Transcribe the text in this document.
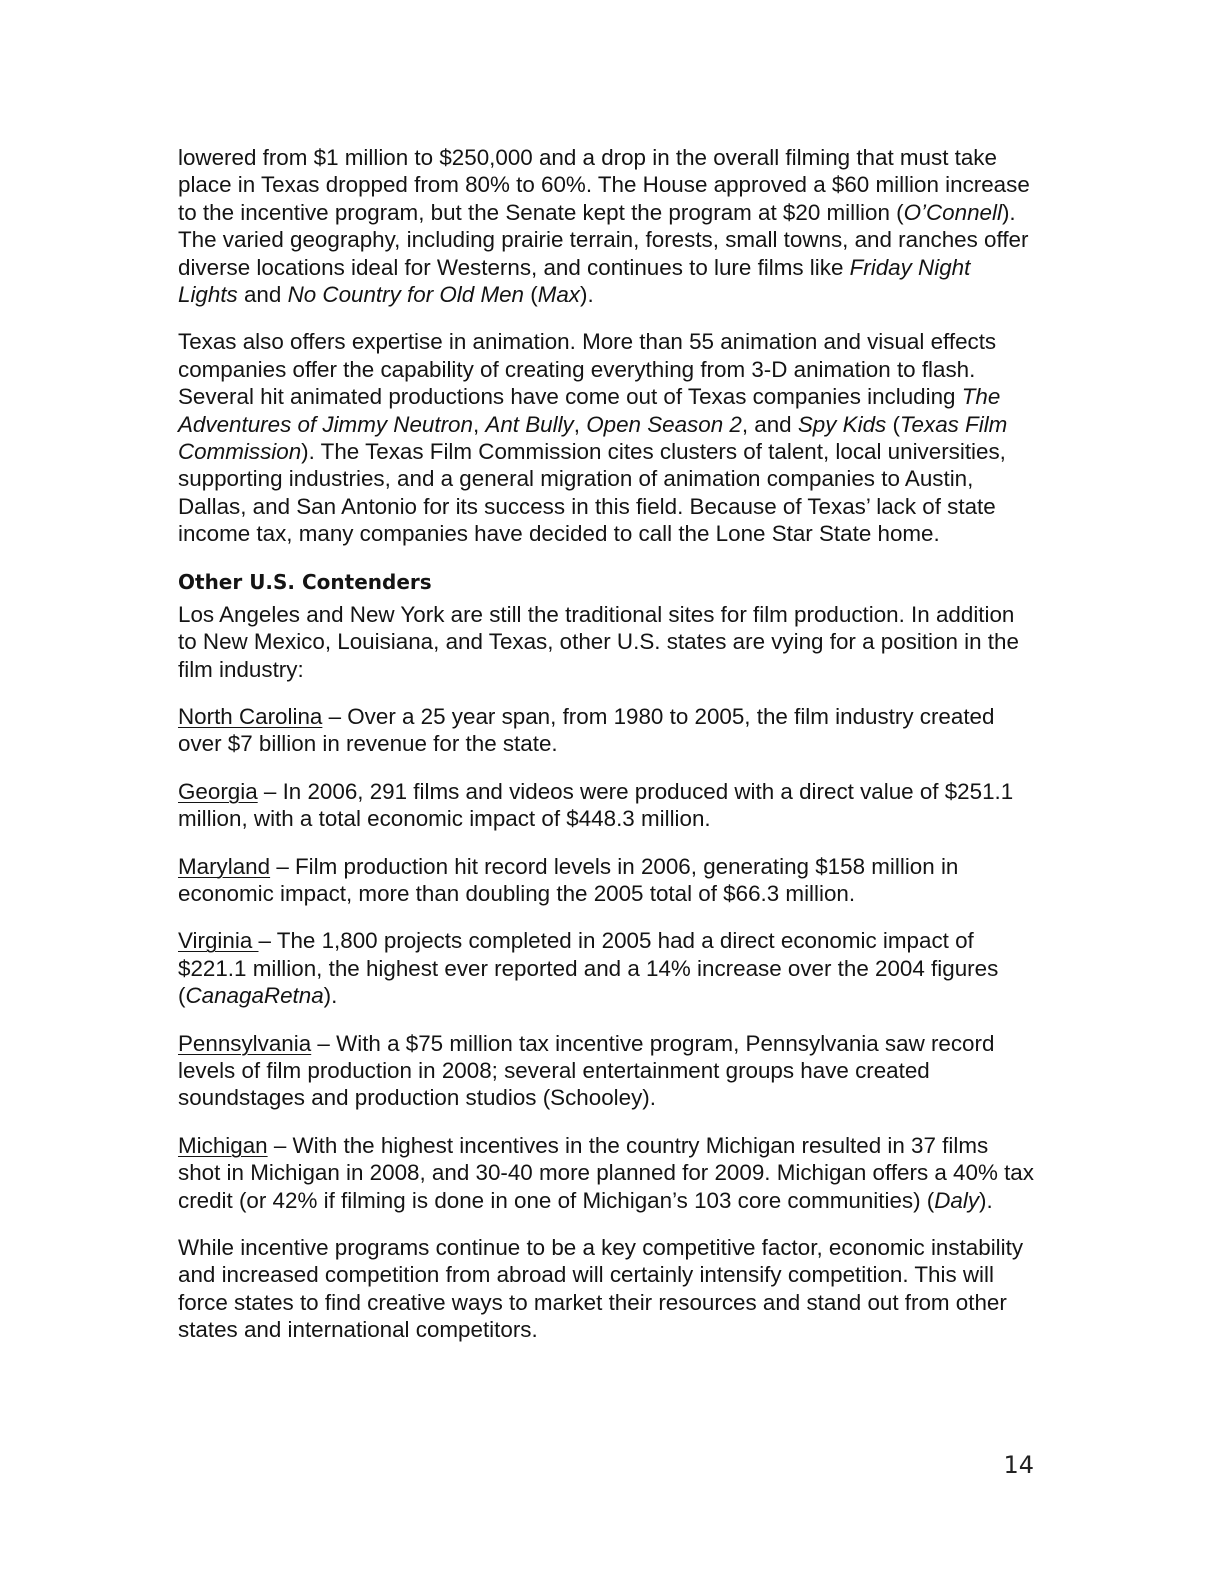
lowered from $1 million to $250,000 and a drop in the overall filming that must take place in Texas dropped from 80% to 60%. The House approved a $60 million increase to the incentive program, but the Senate kept the program at $20 million (O’Connell). The varied geography, including prairie terrain, forests, small towns, and ranches offer diverse locations ideal for Westerns, and continues to lure films like Friday Night Lights and No Country for Old Men (Max).

Texas also offers expertise in animation. More than 55 animation and visual effects companies offer the capability of creating everything from 3-D animation to flash. Several hit animated productions have come out of Texas companies including The Adventures of Jimmy Neutron, Ant Bully, Open Season 2, and Spy Kids (Texas Film Commission). The Texas Film Commission cites clusters of talent, local universities, supporting industries, and a general migration of animation companies to Austin, Dallas, and San Antonio for its success in this field. Because of Texas’ lack of state income tax, many companies have decided to call the Lone Star State home.

Other U.S. Contenders

Los Angeles and New York are still the traditional sites for film production. In addition to New Mexico, Louisiana, and Texas, other U.S. states are vying for a position in the film industry:

North Carolina – Over a 25 year span, from 1980 to 2005, the film industry created over $7 billion in revenue for the state.

Georgia – In 2006, 291 films and videos were produced with a direct value of $251.1 million, with a total economic impact of $448.3 million.

Maryland – Film production hit record levels in 2006, generating $158 million in economic impact, more than doubling the 2005 total of $66.3 million.

Virginia – The 1,800 projects completed in 2005 had a direct economic impact of $221.1 million, the highest ever reported and a 14% increase over the 2004 figures (CanagaRetna).

Pennsylvania – With a $75 million tax incentive program, Pennsylvania saw record levels of film production in 2008; several entertainment groups have created soundstages and production studios (Schooley).

Michigan – With the highest incentives in the country Michigan resulted in 37 films shot in Michigan in 2008, and 30-40 more planned for 2009. Michigan offers a 40% tax credit (or 42% if filming is done in one of Michigan’s 103 core communities) (Daly).

While incentive programs continue to be a key competitive factor, economic instability and increased competition from abroad will certainly intensify competition. This will force states to find creative ways to market their resources and stand out from other states and international competitors.

14
